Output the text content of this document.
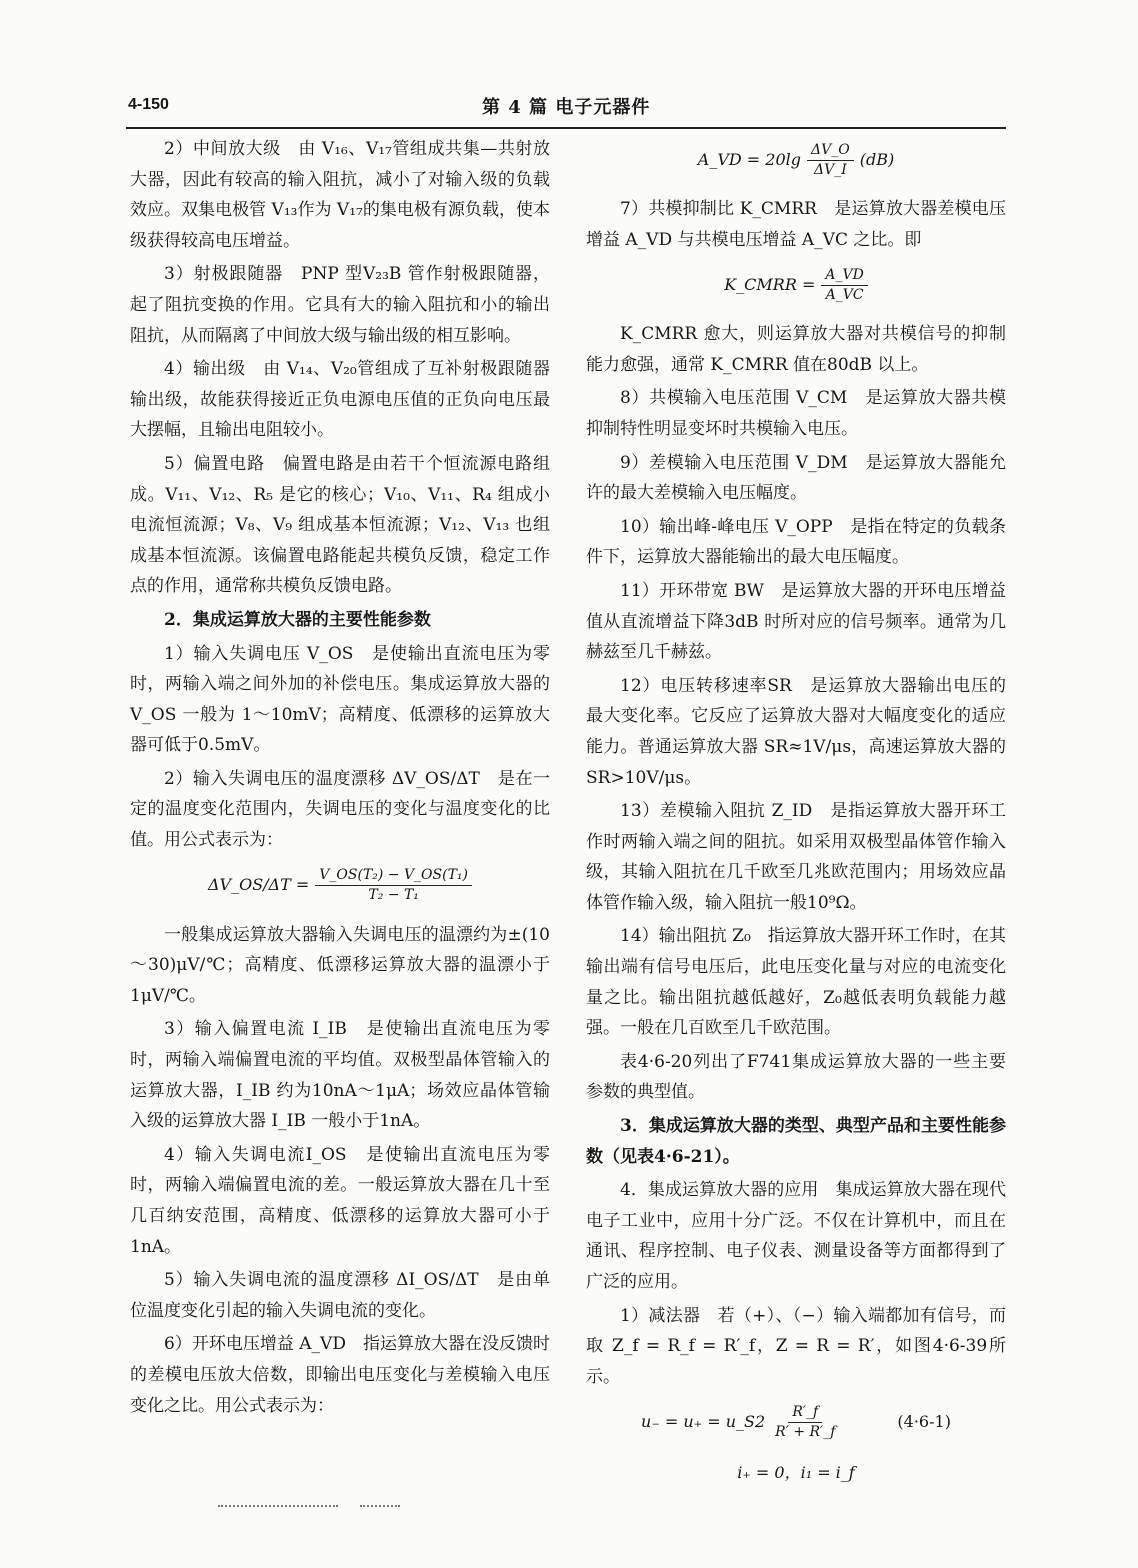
4-150	第 4 篇 电子元器件

2）中间放大级　由 V₁₆、V₁₇管组成共集—共射放大器，因此有较高的输入阻抗，减小了对输入级的负载效应。双集电极管 V₁₃作为 V₁₇的集电极有源负载，使本级获得较高电压增益。

3）射极跟随器　PNP 型V₂₃B 管作射极跟随器，起了阻抗变换的作用。它具有大的输入阻抗和小的输出阻抗，从而隔离了中间放大级与输出级的相互影响。

4）输出级　由 V₁₄、V₂₀管组成了互补射极跟随器输出级，故能获得接近正负电源电压值的正负向电压最大摆幅，且输出电阻较小。

5）偏置电路　偏置电路是由若干个恒流源电路组成。V₁₁、V₁₂、R₅ 是它的核心；V₁₀、V₁₁、R₄ 组成小电流恒流源；V₈、V₉ 组成基本恒流源；V₁₂、V₁₃ 也组成基本恒流源。该偏置电路能起共模负反馈，稳定工作点的作用，通常称共模负反馈电路。

2．集成运算放大器的主要性能参数

1）输入失调电压 V_OS　是使输出直流电压为零时，两输入端之间外加的补偿电压。集成运算放大器的 V_OS 一般为 1～10mV；高精度、低漂移的运算放大器可低于0.5mV。

2）输入失调电压的温度漂移 ΔV_OS/ΔT　是在一定的温度变化范围内，失调电压的变化与温度变化的比值。用公式表示为：

ΔV_OS/ΔT = $\frac{\text{V\_OS(T₂) − V\_OS(T₁)}}{\text{T₂ − T₁}}$

一般集成运算放大器输入失调电压的温漂约为±(10～30)μV/℃；高精度、低漂移运算放大器的温漂小于1μV/℃。

3）输入偏置电流 I_IB　是使输出直流电压为零时，两输入端偏置电流的平均值。双极型晶体管输入的运算放大器，I_IB 约为10nA～1μA；场效应晶体管输入级的运算放大器 I_IB 一般小于1nA。

4）输入失调电流I_OS　是使输出直流电压为零时，两输入端偏置电流的差。一般运算放大器在几十至几百纳安范围，高精度、低漂移的运算放大器可小于1nA。

5）输入失调电流的温度漂移 ΔI_OS/ΔT　是由单位温度变化引起的输入失调电流的变化。

6）开环电压增益 A_VD　指运算放大器在没反馈时的差模电压放大倍数，即输出电压变化与差模输入电压变化之比。用公式表示为：

A_VD = $20\lg \frac{\Delta V\_O}{\Delta V\_I} (dB)$

7）共模抑制比 K_CMRR　是运算放大器差模电压增益 A_VD 与共模电压增益 A_VC 之比。即

K_CMRR = $\frac{A\_VD}{A\_VC}$

K_CMRR 愈大，则运算放大器对共模信号的抑制能力愈强，通常 K_CMRR 值在80dB 以上。

8）共模输入电压范围 V_CM　是运算放大器共模抑制特性明显变坏时共模输入电压。

9）差模输入电压范围 V_DM　是运算放大器能允许的最大差模输入电压幅度。

10）输出峰-峰电压 V_OPP　是指在特定的负载条件下，运算放大器能输出的最大电压幅度。

11）开环带宽 BW　是运算放大器的开环电压增益值从直流增益下降3dB 时所对应的信号频率。通常为几赫兹至几千赫兹。

12）电压转移速率SR　是运算放大器输出电压的最大变化率。它反应了运算放大器对大幅度变化的适应能力。普通运算放大器 SR≈1V/μs，高速运算放大器的 SR>10V/μs。

13）差模输入阻抗 Z_ID　是指运算放大器开环工作时两输入端之间的阻抗。如采用双极型晶体管作输入级，其输入阻抗在几千欧至几兆欧范围内；用场效应晶体管作输入级，输入阻抗一般10⁹Ω。

14）输出阻抗 Z₀　指运算放大器开环工作时，在其输出端有信号电压后，此电压变化量与对应的电流变化量之比。输出阻抗越低越好，Z₀越低表明负载能力越强。一般在几百欧至几千欧范围。

表4·6-20列出了F741集成运算放大器的一些主要参数的典型值。

3．集成运算放大器的类型、典型产品和主要性能参数（见表4·6-21）。

4．集成运算放大器的应用　集成运算放大器在现代电子工业中，应用十分广泛。不仅在计算机中，而且在通讯、程序控制、电子仪表、测量设备等方面都得到了广泛的应用。

1）减法器　若（+）、（−）输入端都加有信号，而取 Z_f = R_f = R′_f，Z = R = R′，如图4·6-39所示。

u₋ = u₊ = u_S2 $\frac{R'\_f}{R' + R'\_f}$	(4·6-1)
i₊ = 0，i₁ = i_f
